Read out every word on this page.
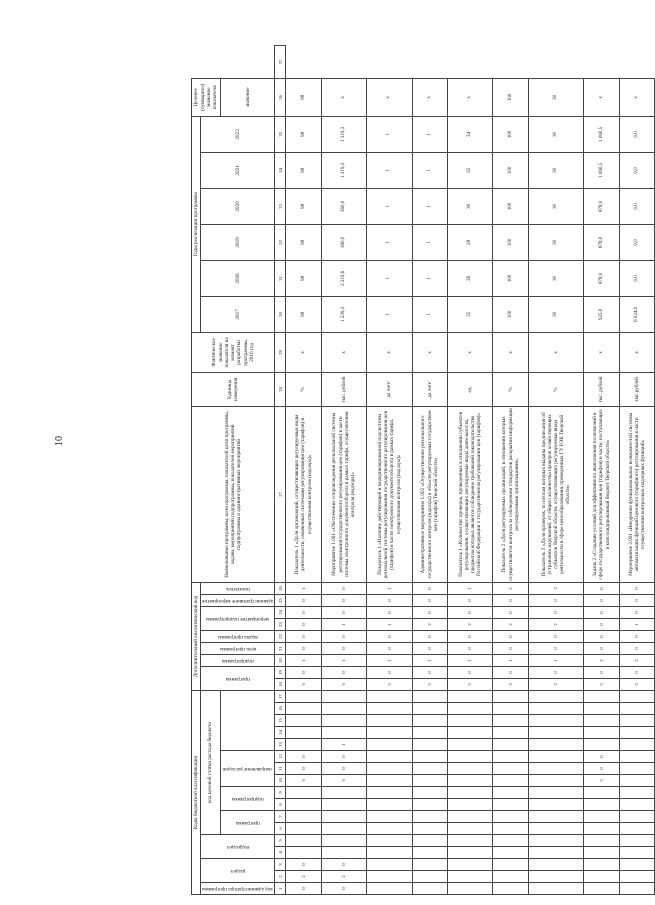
10
Коды бюджетной классификации																	Дополнительный аналитический код									Наименование программы, цели программы, показателей цели программы, задачи, мероприятий подпрограммы, показателей мероприятий подпрограммы и административных мероприятий	Единица измерения	Фактическое значение показателя на момент разработки программы, 2016 год	Годы реализации программы						Целевое (суммарное) значение показателя	

код администратора программы	раздел		подраздел		код целевой статьи расхода бюджета												программа		подпрограмма	цель программы	задача программы	мероприятие подпрограммы		административное мероприятие	показатель				2017	2018	2019	2020	2021	2022		

					программа		подпрограмма		направление расходов																										значение	
1	2	3	4	5	6	7	8	9	10	11	12	13	14	15	16	17	18	19	20	21	22	23	24	25	26	27	28	29	30	31	32	33	34	35	36	37
0	2	0							3	0	0						3	0	1	0	0	0	0	0	1	Показатель 1 «Доля организаций, осуществляющих регулируемые виды деятельности, охваченных системами регулирования цен (тарифов) и осуществления контроля (надзора)»	%	х	98	98	98	98	98	98	98	
0	2	0							3	0	0	1					3	0	1	0	0	1	0	0	0	Мероприятие 1.001 «Обеспечение сопровождения региональной системы регулирования государственного регулирования цен (тарифов) в части системы электронного документооборота в рамках тарифа, осуществления контроля (надзора)»	тыс. рублей	х	1 239,3	2 219,6	360,0	360,0	1 319,3	1 319,3	х	
																	3	0	1	0	0	1	0	0	1	Показатель 1 «Наличие действующей и модернизированной подсистемы региональной системы регулирования государственного регулирования цен (тарифов) в части электронного документооборота в рамках тарифа, осуществления контроля (надзора)»	да /нет/	х	1	1	1	1	1	1	х	
																	3	0	1	0	0	2	0	0	0	Административное мероприятие 1.002 «Осуществление регионального государственного контроля (надзора) в области регулируемых государством цен (тарифов) Тверской области»	да /нет/	х	1	1	1	1	1	1	х	
																	3	0	1	0	0	2	0	0	1	Показатель 1 «Количество проверок, проведенных в отношении субъектов регулирования, осуществляющих регулируемые виды деятельности, предметом которых является соблюдение требований законодательства Российской Федерации о государственном регулировании цен (тарифов)»	ед.	х	35	26	28	30	32	34	х	
																	3	0	1	0	0	2	0	0	2	Показатель 2 «Доля регулируемых организаций, в отношении которых осуществляется контроль за соблюдением стандартов раскрытия информации регулируемыми организациями»	%	х	100	100	100	100	100	100	100	
																	3	0	1	0	0	2	0	0	3	Показатель 3 «Доля проверок, по итогам которых выданы предписания об устранении нарушений, от общего количества проверок хозяйствующих субъектов Тверской области, осуществляющих регулируемые виды деятельности в сфере ценообразования, проведенных ГУ РЭК Тверской области»	%	х	30	30	30	30	30	30	30	
									3	0	0						3	0	2	0	0	0	0	0	0	Задача 2 «Создание условий для эффективного выполнения полномочий в сфере государственного регулирования цен (тарифов) и части, поступающих в консолидированный бюджет Тверской области»	тыс. рублей	х	925,0	878,0	878,0	878,0	1 060,5	1 060,5	х	
																	3	0	2	0	0	1	0	0	0	Мероприятие 2.001 «Внедрение функциональных возможностей системы автоматизации функций ценового (тарифного) регулирования в части осуществления контрольно-надзорных функций»	тыс.рублей	х	6 024,0	0,0	0,0	0,0	0,0	0,0	х	
